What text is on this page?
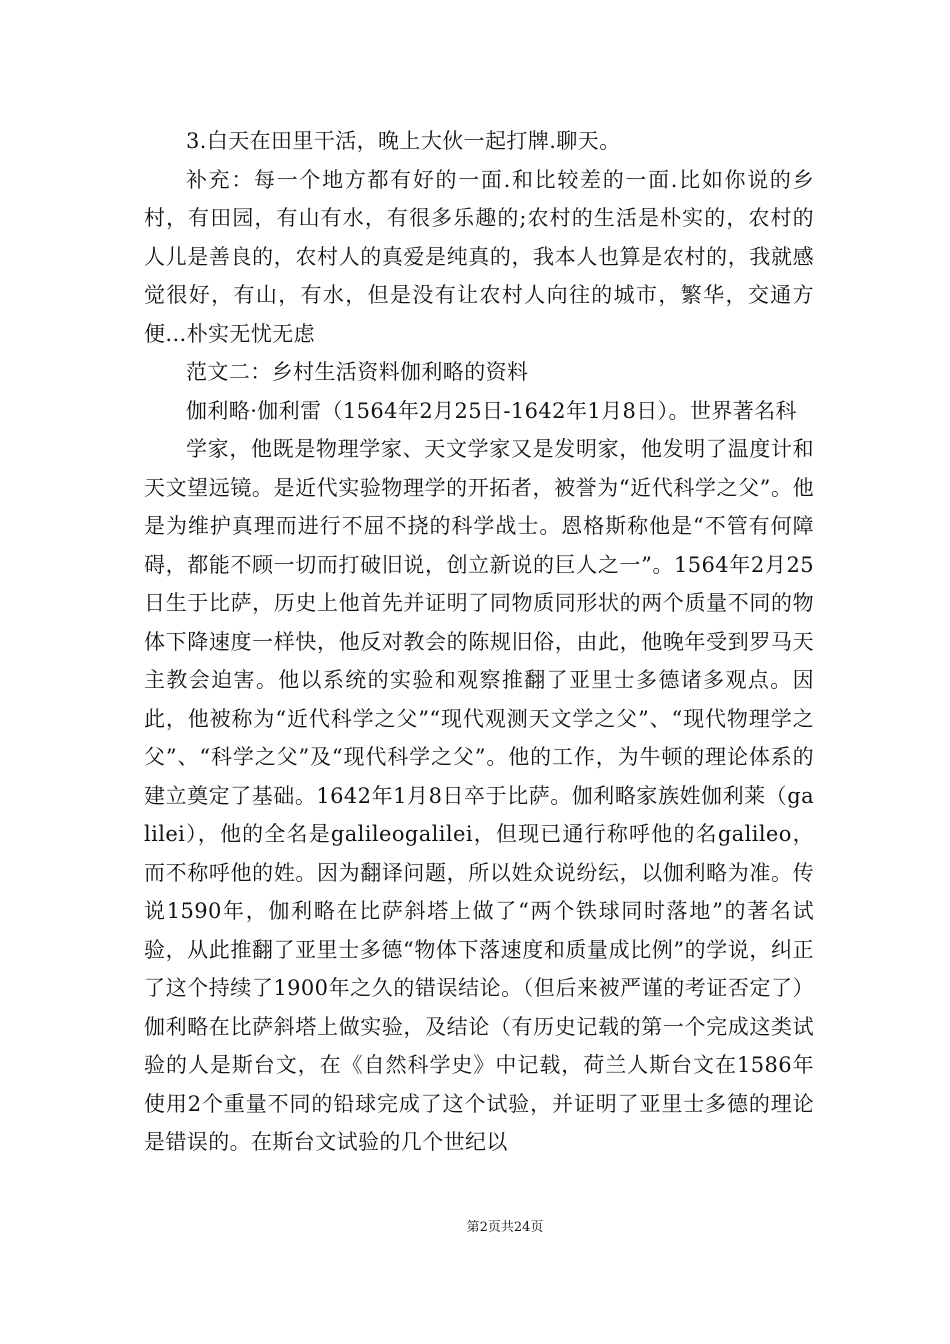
3.白天在田里干活，晚上大伙一起打牌.聊天。

补充：每一个地方都有好的一面.和比较差的一面.比如你说的乡村，有田园，有山有水，有很多乐趣的;农村的生活是朴实的，农村的人儿是善良的，农村人的真爱是纯真的，我本人也算是农村的，我就感觉很好，有山，有水，但是没有让农村人向往的城市，繁华，交通方便...朴实无忧无虑

范文二：乡村生活资料伽利略的资料

伽利略·伽利雷（1564年2月25日-1642年1月8日）。世界著名科

学家，他既是物理学家、天文学家又是发明家，他发明了温度计和天文望远镜。是近代实验物理学的开拓者，被誉为“近代科学之父”。他是为维护真理而进行不屈不挠的科学战士。恩格斯称他是“不管有何障碍，都能不顾一切而打破旧说，创立新说的巨人之一”。1564年2月25日生于比萨，历史上他首先并证明了同物质同形状的两个质量不同的物体下降速度一样快，他反对教会的陈规旧俗，由此，他晚年受到罗马天主教会迫害。他以系统的实验和观察推翻了亚里士多德诸多观点。因此，他被称为“近代科学之父”“现代观测天文学之父”、“现代物理学之父”、“科学之父”及“现代科学之父”。他的工作，为牛顿的理论体系的建立奠定了基础。1642年1月8日卒于比萨。伽利略家族姓伽利莱（galilei），他的全名是galileogalilei，但现已通行称呼他的名galileo，而不称呼他的姓。因为翻译问题，所以姓众说纷纭，以伽利略为准。传说1590年，伽利略在比萨斜塔上做了“两个铁球同时落地”的著名试验，从此推翻了亚里士多德“物体下落速度和质量成比例”的学说，纠正了这个持续了1900年之久的错误结论。（但后来被严谨的考证否定了）伽利略在比萨斜塔上做实验，及结论（有历史记载的第一个完成这类试验的人是斯台文，在《自然科学史》中记载，荷兰人斯台文在1586年使用2个重量不同的铅球完成了这个试验，并证明了亚里士多德的理论是错误的。在斯台文试验的几个世纪以

第2页共24页
